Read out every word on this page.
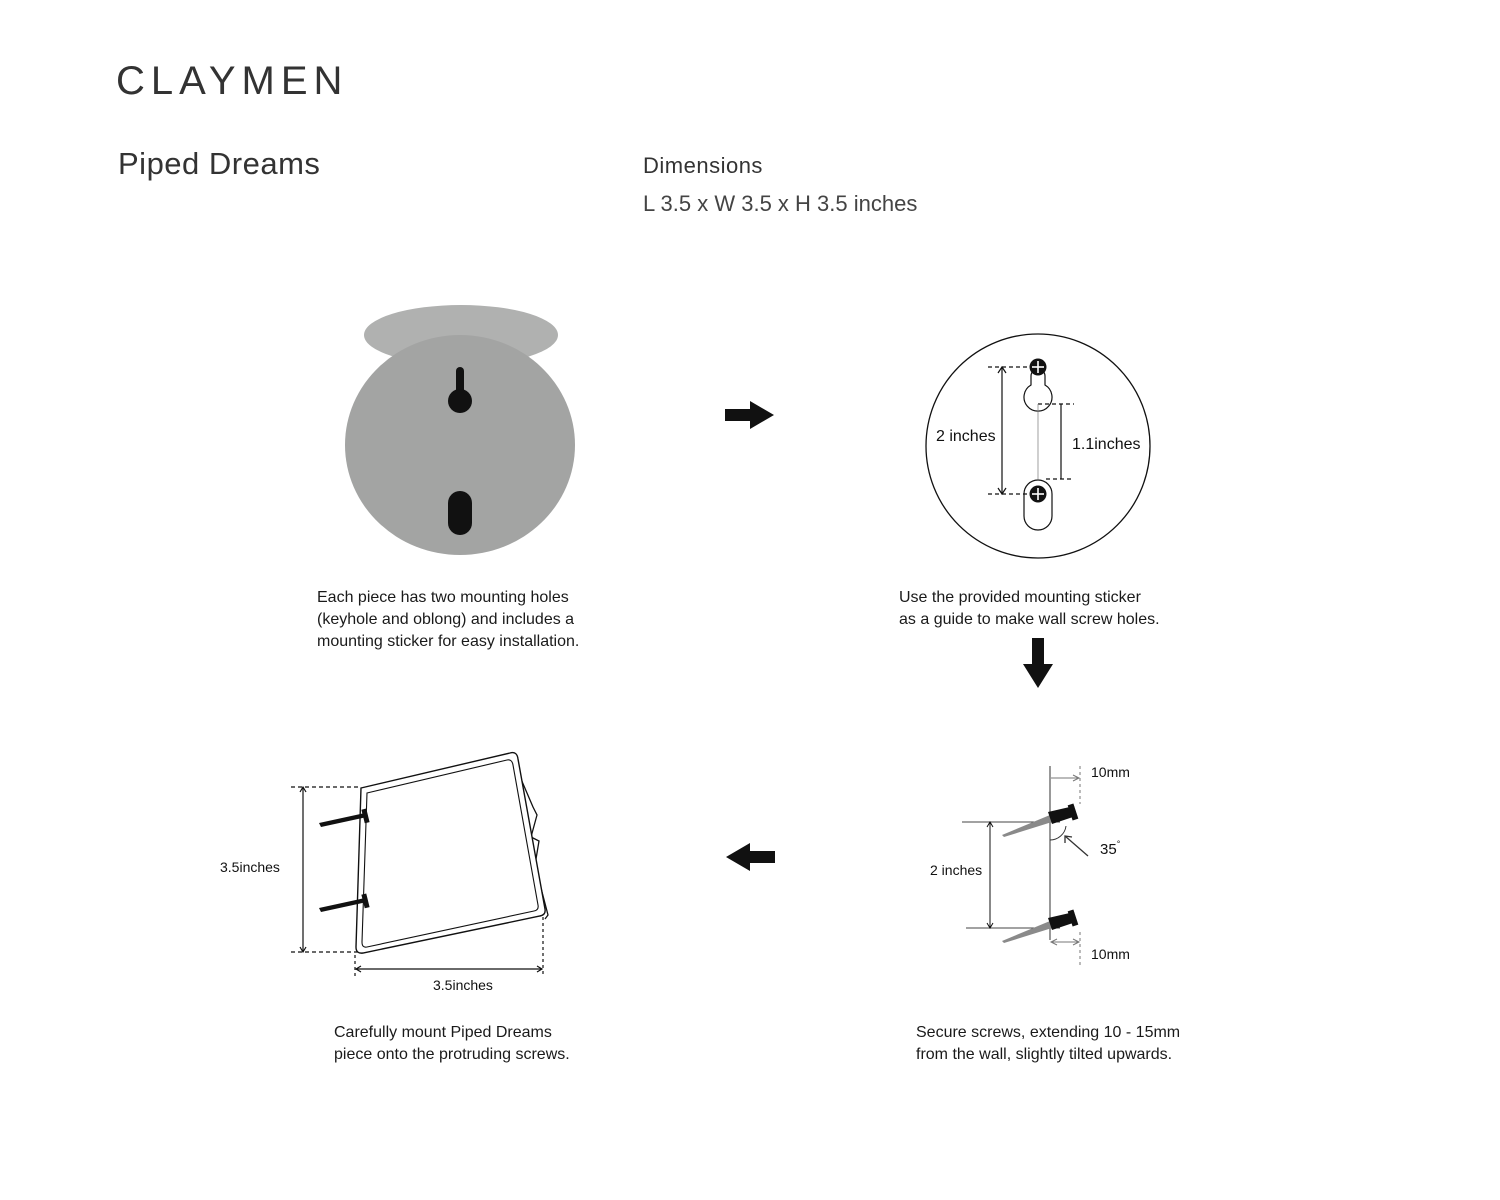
CLAYMEN
Piped Dreams	Dimensions
L 3.5 x W 3.5 x H 3.5 inches
Each piece has two mounting holes
(keyhole and oblong) and includes a
mounting sticker for easy installation.
2 inches	1.1inches
Use the provided mounting sticker
as a guide to make wall screw holes.
10mm
2 inches
35°
10mm
Secure screws, extending 10 - 15mm
from the wall, slightly tilted upwards.
3.5inches
3.5inches
Carefully mount Piped Dreams
piece onto the protruding screws.
